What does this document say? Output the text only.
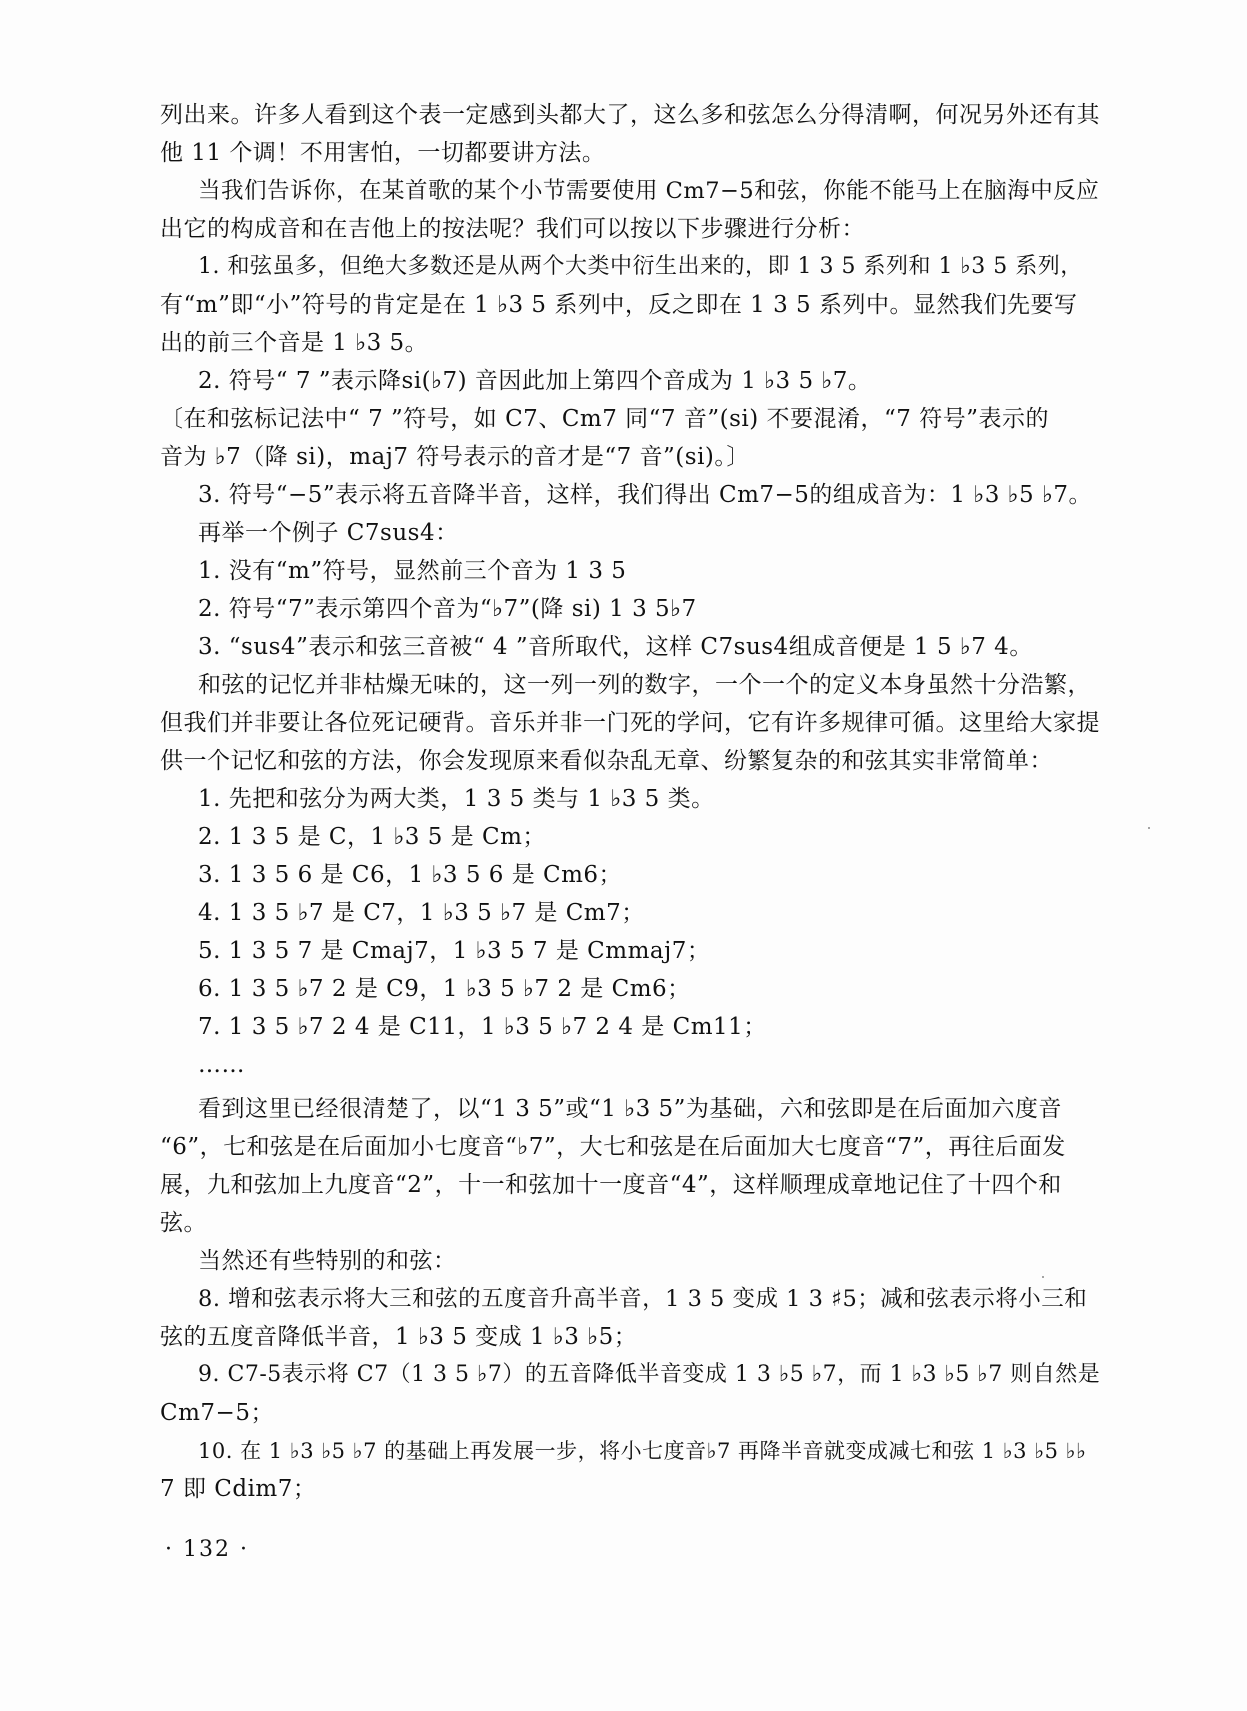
列出来。许多人看到这个表一定感到头都大了，这么多和弦怎么分得清啊，何况另外还有其

他 11 个调！不用害怕，一切都要讲方法。

当我们告诉你，在某首歌的某个小节需要使用 Cm7−5和弦，你能不能马上在脑海中反应

出它的构成音和在吉他上的按法呢？我们可以按以下步骤进行分析：

1. 和弦虽多，但绝大多数还是从两个大类中衍生出来的，即 1 3 5 系列和 1 ♭3 5 系列，

有“m”即“小”符号的肯定是在 1 ♭3 5 系列中，反之即在 1 3 5 系列中。显然我们先要写

出的前三个音是 1 ♭3 5。

2. 符号“ 7 ”表示降si(♭7) 音因此加上第四个音成为 1 ♭3 5 ♭7。

〔在和弦标记法中“ 7 ”符号，如 C7、Cm7 同“7 音”(si) 不要混淆，“7 符号”表示的

音为 ♭7（降 si)，maj7 符号表示的音才是“7 音”(si)。〕

3. 符号“−5”表示将五音降半音，这样，我们得出 Cm7−5的组成音为：1 ♭3 ♭5 ♭7。

再举一个例子 C7sus4：

1. 没有“m”符号，显然前三个音为 1 3 5

2. 符号“7”表示第四个音为“♭7”(降 si) 1 3 5♭7

3. “sus4”表示和弦三音被“ 4 ”音所取代，这样 C7sus4组成音便是 1 5 ♭7 4。

和弦的记忆并非枯燥无味的，这一列一列的数字，一个一个的定义本身虽然十分浩繁，

但我们并非要让各位死记硬背。音乐并非一门死的学问，它有许多规律可循。这里给大家提

供一个记忆和弦的方法，你会发现原来看似杂乱无章、纷繁复杂的和弦其实非常简单：

1. 先把和弦分为两大类，1 3 5 类与 1 ♭3 5 类。

2. 1 3 5 是 C，1 ♭3 5 是 Cm；

3. 1 3 5 6 是 C6，1 ♭3 5 6 是 Cm6；

4. 1 3 5 ♭7 是 C7，1 ♭3 5 ♭7 是 Cm7；

5. 1 3 5 7 是 Cmaj7，1 ♭3 5 7 是 Cmmaj7；

6. 1 3 5 ♭7 2 是 C9，1 ♭3 5 ♭7 2 是 Cm6；

7. 1 3 5 ♭7 2 4 是 C11，1 ♭3 5 ♭7 2 4 是 Cm11；

……

看到这里已经很清楚了，以“1 3 5”或“1 ♭3 5”为基础，六和弦即是在后面加六度音

“6”，七和弦是在后面加小七度音“♭7”，大七和弦是在后面加大七度音“7”，再往后面发

展，九和弦加上九度音“2”，十一和弦加十一度音“4”，这样顺理成章地记住了十四个和

弦。

当然还有些特别的和弦：

8. 增和弦表示将大三和弦的五度音升高半音，1 3 5 变成 1 3 ♯5；减和弦表示将小三和

弦的五度音降低半音，1 ♭3 5 变成 1 ♭3 ♭5；

9. C7-5表示将 C7（1 3 5 ♭7）的五音降低半音变成 1 3 ♭5 ♭7，而 1 ♭3 ♭5 ♭7 则自然是

Cm7−5；

10. 在 1 ♭3 ♭5 ♭7 的基础上再发展一步，将小七度音♭7 再降半音就变成减七和弦 1 ♭3 ♭5 ♭♭

7 即 Cdim7；

· 132 ·
